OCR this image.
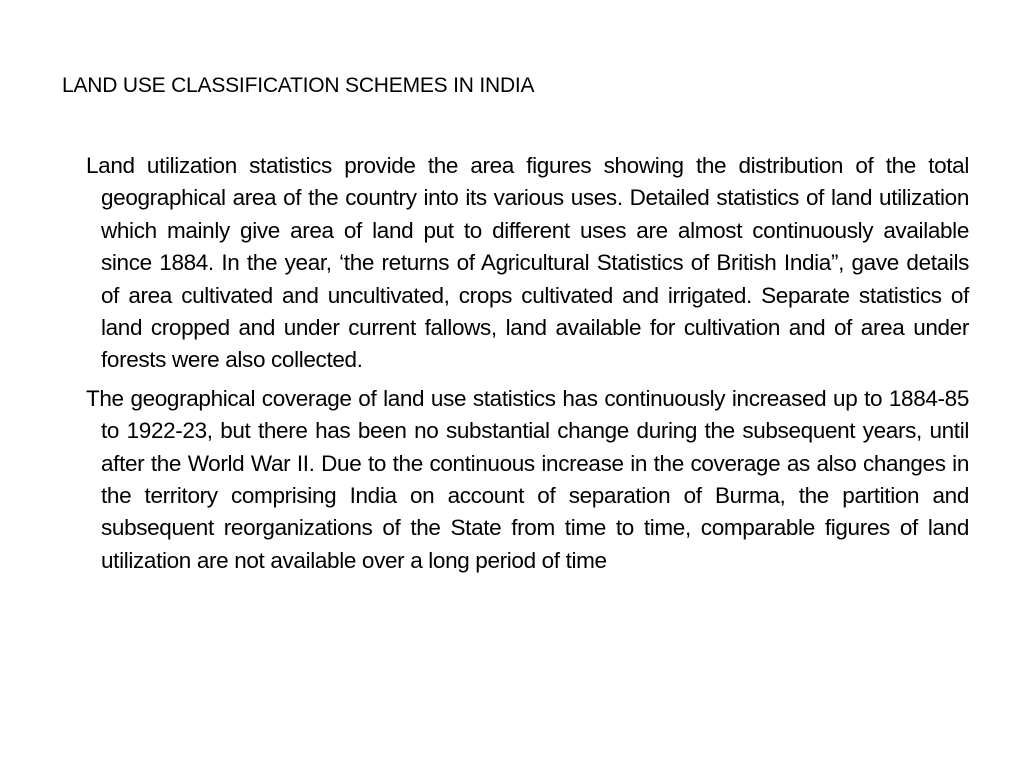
LAND USE CLASSIFICATION SCHEMES IN INDIA

Land utilization statistics provide the area figures showing the distribution of the total geographical area of the country into its various uses. Detailed statistics of land utilization which mainly give area of land put to different uses are almost continuously available since 1884. In the year, ‘the returns of Agricultural Statistics of British India”, gave details of area cultivated and uncultivated, crops cultivated and irrigated. Separate statistics of land cropped and under current fallows, land available for cultivation and of area under forests were also collected.

The geographical coverage of land use statistics has continuously increased up to 1884-85 to 1922-23, but there has been no substantial change during the subsequent years, until after the World War II. Due to the continuous increase in the coverage as also changes in the territory comprising India on account of separation of Burma, the partition and subsequent reorganizations of the State from time to time, comparable figures of land utilization are not available over a long period of time
